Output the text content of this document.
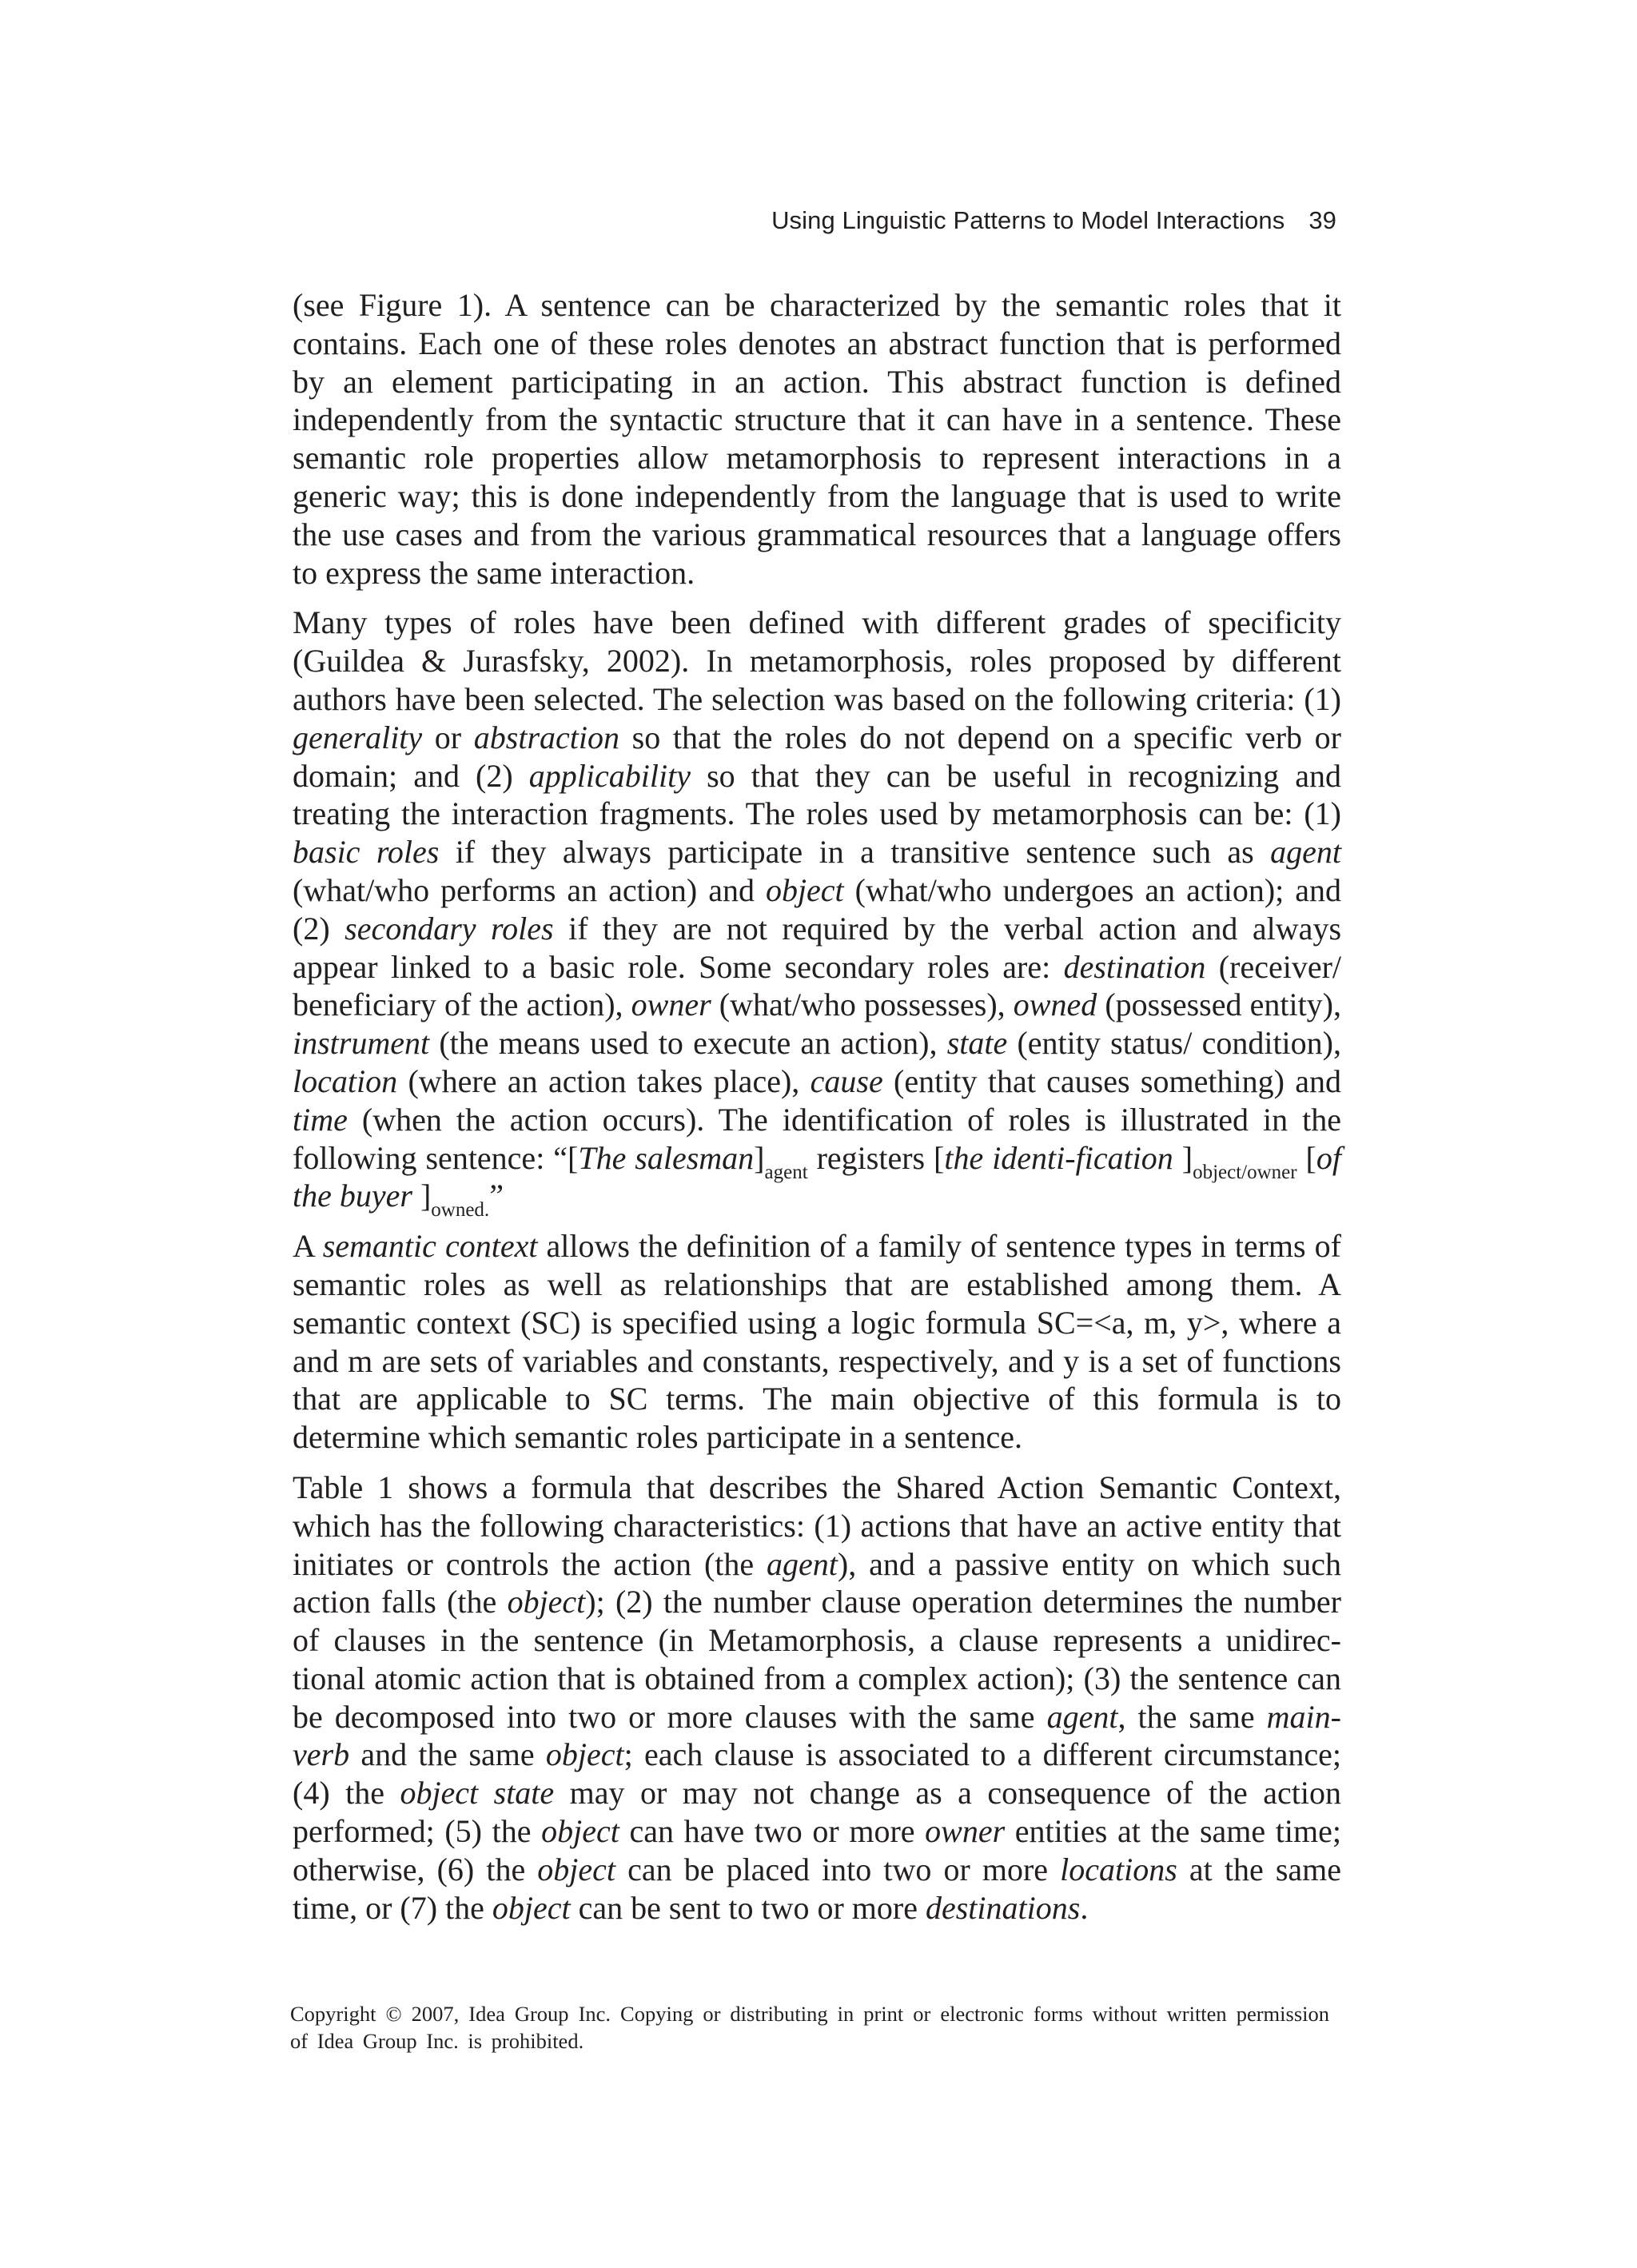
Using Linguistic Patterns to Model Interactions 39

(see Figure 1). A sentence can be characterized by the semantic roles that it contains. Each one of these roles denotes an abstract function that is performed by an element participating in an action. This abstract function is defined independently from the syntactic structure that it can have in a sentence. These semantic role properties allow metamorphosis to represent interactions in a generic way; this is done independently from the language that is used to write the use cases and from the various grammatical resources that a language offers to express the same interaction.

Many types of roles have been defined with different grades of specificity (Guildea & Jurasfsky, 2002). In metamorphosis, roles proposed by different authors have been selected. The selection was based on the following criteria: (1) generality or abstraction so that the roles do not depend on a specific verb or domain; and (2) applicability so that they can be useful in recognizing and treating the interaction fragments. The roles used by metamorphosis can be: (1) basic roles if they always participate in a transitive sentence such as agent (what/who performs an action) and object (what/who undergoes an action); and (2) secondary roles if they are not required by the verbal action and always appear linked to a basic role. Some secondary roles are: destination (receiver/ beneficiary of the action), owner (what/who possesses), owned (possessed entity), instrument (the means used to execute an action), state (entity status/ condition), location (where an action takes place), cause (entity that causes something) and time (when the action occurs). The identification of roles is illustrated in the following sentence: “[The $salesman]_{agent}$ registers [the identi-fication ]$_{object/owner}$ [of the buyer ]$_{owned.}$”

A semantic context allows the definition of a family of sentence types in terms of semantic roles as well as relationships that are established among them. A semantic context (SC) is specified using a logic formula SC=<a, m, y>, where a and m are sets of variables and constants, respectively, and y is a set of functions that are applicable to SC terms. The main objective of this formula is to determine which semantic roles participate in a sentence.

Table 1 shows a formula that describes the Shared Action Semantic Context, which has the following characteristics: (1) actions that have an active entity that initiates or controls the action (the agent), and a passive entity on which such action falls (the object); (2) the number clause operation determines the number of clauses in the sentence (in Metamorphosis, a clause represents a unidirec-tional atomic action that is obtained from a complex action); (3) the sentence can be decomposed into two or more clauses with the same agent, the same main-verb and the same object; each clause is associated to a different circumstance; (4) the object state may or may not change as a consequence of the action performed; (5) the object can have two or more owner entities at the same time; otherwise, (6) the object can be placed into two or more locations at the same time, or (7) the object can be sent to two or more destinations.

Copyright © 2007, Idea Group Inc. Copying or distributing in print or electronic forms without written permission of Idea Group Inc. is prohibited.
